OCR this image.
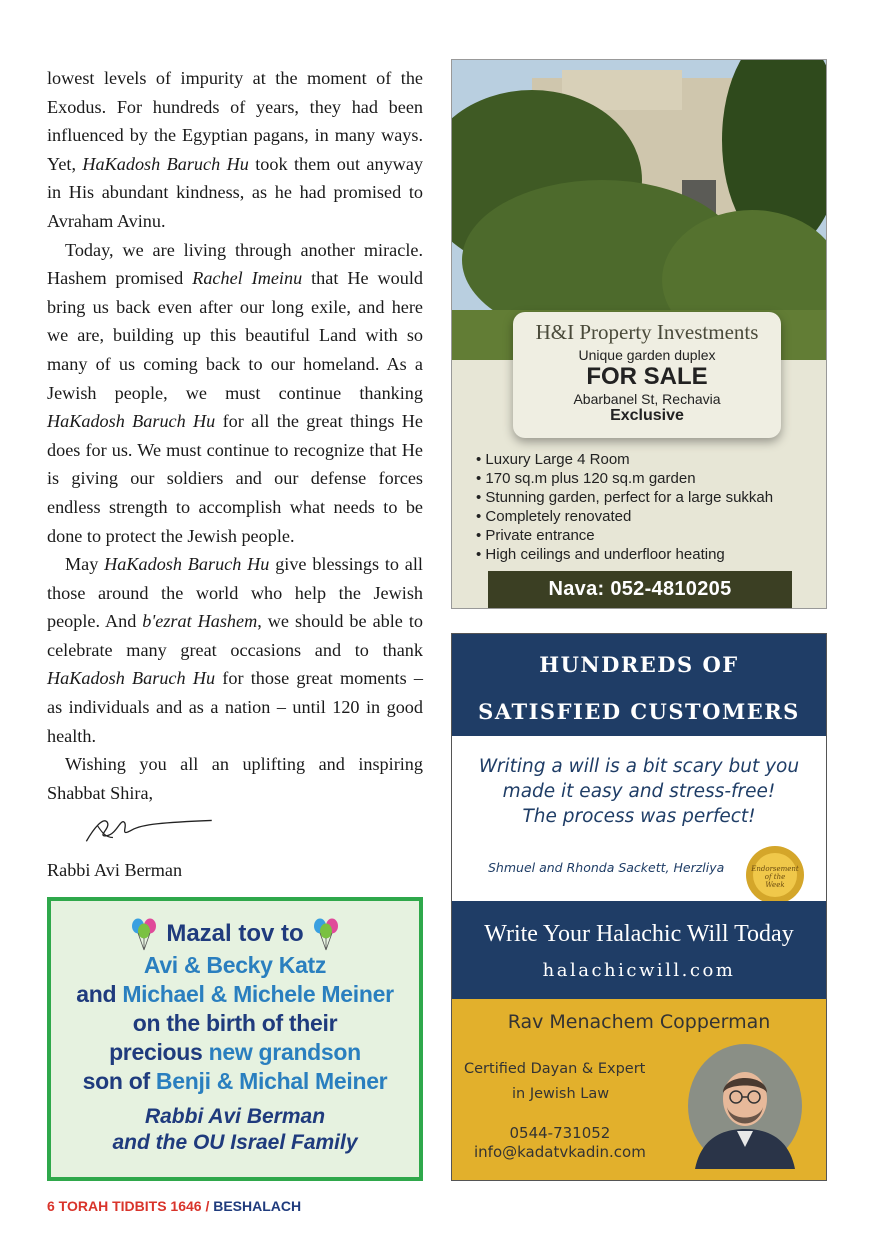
lowest levels of impurity at the moment of the Exodus. For hundreds of years, they had been influenced by the Egyptian pagans, in many ways. Yet, HaKadosh Baruch Hu took them out anyway in His abundant kindness, as he had promised to Avraham Avinu.

Today, we are living through another miracle. Hashem promised Rachel Imeinu that He would bring us back even after our long exile, and here we are, building up this beautiful Land with so many of us coming back to our homeland. As a Jewish people, we must continue thanking HaKadosh Baruch Hu for all the great things He does for us. We must continue to recognize that He is giving our soldiers and our defense forces endless strength to accomplish what needs to be done to protect the Jewish people.

May HaKadosh Baruch Hu give blessings to all those around the world who help the Jewish people. And b'ezrat Hashem, we should be able to celebrate many great occasions and to thank HaKadosh Baruch Hu for those great moments – as individuals and as a nation – until 120 in good health.

Wishing you all an uplifting and inspiring Shabbat Shira,

Rabbi Avi Berman

Mazal tov to
Avi & Becky Katz
and Michael & Michele Meiner
on the birth of their
precious new grandson
son of Benji & Michal Meiner
Rabbi Avi Berman
and the OU Israel Family
H&I Property Investments
Unique garden duplex
FOR SALE
Abarbanel St, Rechavia
Exclusive
• Luxury Large 4 Room
• 170 sq.m plus 120 sq.m garden
• Stunning garden, perfect for a large sukkah
• Completely renovated
• Private entrance
• High ceilings and underfloor heating
Nava: 052-4810205
HUNDREDS OF
SATISFIED CUSTOMERS
Writing a will is a bit scary but you
made it easy and stress-free!
The process was perfect!
Shmuel and Rhonda Sackett, Herzliya	Endorsement
of the
Week
Write Your Halachic Will Today
halachicwill.com
Rav Menachem Copperman
Certified Dayan & Expert
in Jewish Law
0544-731052
info@kadatvkadin.com
6 TORAH TIDBITS 1646 / BESHALACH
